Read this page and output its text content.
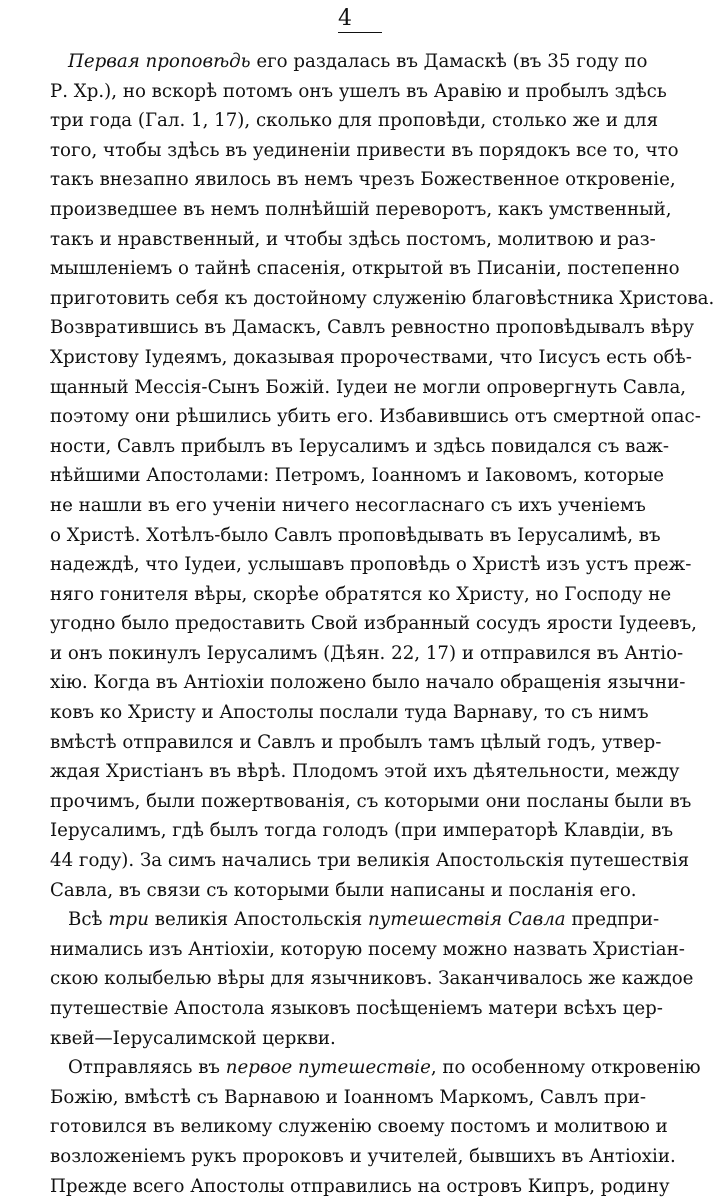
4

Первая проповѣдь его раздалась въ Дамаскѣ (въ 35 году по
Р. Хр.), но вскорѣ потомъ онъ ушелъ въ Аравію и пробылъ здѣсь
три года (Гал. 1, 17), сколько для проповѣди, столько же и для
того, чтобы здѣсь въ уединеніи привести въ порядокъ все то, что
такъ внезапно явилось въ немъ чрезъ Божественное откровеніе,
произведшее въ немъ полнѣйшій переворотъ, какъ умственный,
такъ и нравственный, и чтобы здѣсь постомъ, молитвою и раз-
мышленіемъ о тайнѣ спасенія, открытой въ Писаніи, постепенно
приготовить себя къ достойному служенію благовѣстника Христова.
Возвратившись въ Дамаскъ, Савлъ ревностно проповѣдывалъ вѣру
Христову Іудеямъ, доказывая пророчествами, что Іисусъ есть обѣ-
щанный Мессія-Сынъ Божій. Іудеи не могли опровергнуть Савла,
поэтому они рѣшились убить его. Избавившись отъ смертной опас-
ности, Савлъ прибылъ въ Іерусалимъ и здѣсь повидался съ важ-
нѣйшими Апостолами: Петромъ, Іоанномъ и Іаковомъ, которые
не нашли въ его ученіи ничего несогласнаго съ ихъ ученіемъ
о Христѣ. Хотѣлъ-было Савлъ проповѣдывать въ Іерусалимѣ, въ
надеждѣ, что Іудеи, услышавъ проповѣдь о Христѣ изъ устъ преж-
няго гонителя вѣры, скорѣе обратятся ко Христу, но Господу не
угодно было предоставить Свой избранный сосудъ ярости Іудеевъ,
и онъ покинулъ Іерусалимъ (Дѣян. 22, 17) и отправился въ Антіо-
хію. Когда въ Антіохіи положено было начало обращенія язычни-
ковъ ко Христу и Апостолы послали туда Варнаву, то съ нимъ
вмѣстѣ отправился и Савлъ и пробылъ тамъ цѣлый годъ, утвер-
ждая Христіанъ въ вѣрѣ. Плодомъ этой ихъ дѣятельности, между
прочимъ, были пожертвованія, съ которыми они посланы были въ
Іерусалимъ, гдѣ былъ тогда голодъ (при императорѣ Клавдіи, въ
44 году). За симъ начались три великія Апостольскія путешествія
Савла, въ связи съ которыми были написаны и посланія его.

Всѣ три великія Апостольскія путешествія Савла предпри-
нимались изъ Антіохіи, которую посему можно назвать Христіан-
скою колыбелью вѣры для язычниковъ. Заканчивалось же каждое
путешествіе Апостола языковъ посѣщеніемъ матери всѣхъ цер-
квей—Іерусалимской церкви.

Отправляясь въ первое путешествіе, по особенному откровенію
Божію, вмѣстѣ съ Варнавою и Іоанномъ Маркомъ, Савлъ при-
готовился въ великому служенію своему постомъ и молитвою и
возложеніемъ рукъ пророковъ и учителей, бывшихъ въ Антіохіи.
Прежде всего Апостолы отправились на островъ Кипръ, родину
